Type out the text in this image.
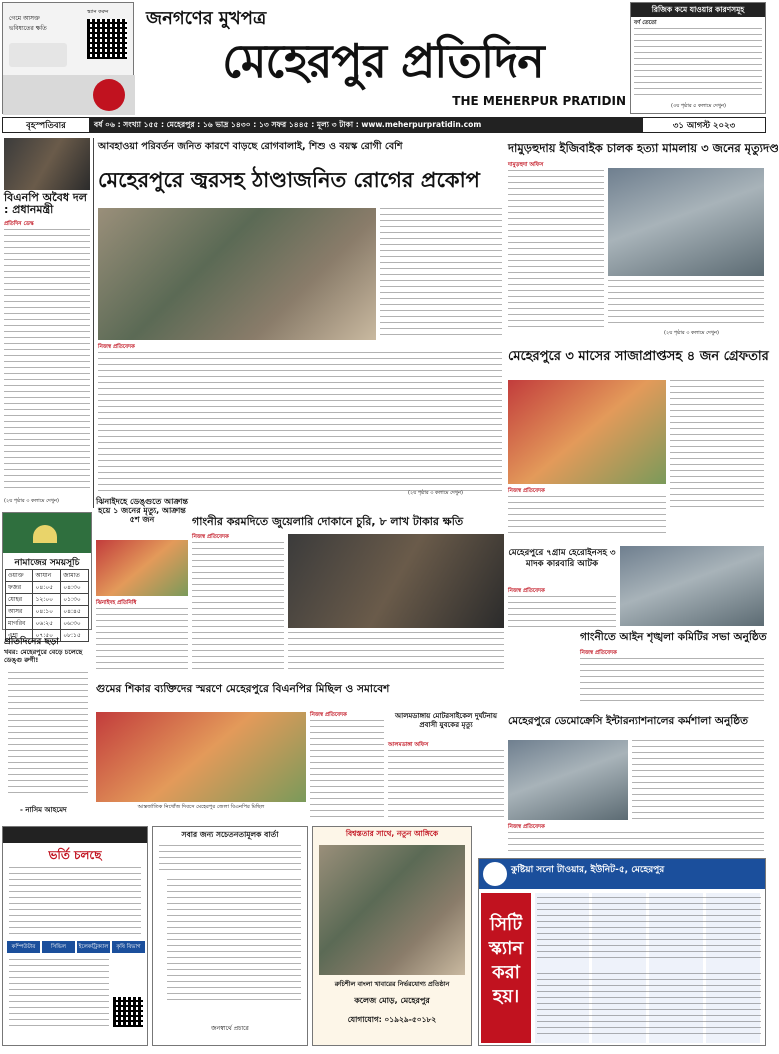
গেমে আসক্ত
ভবিষ্যতের ক্ষতি
স্ক্যান করুন	জনগণের মুখপত্র
মেহেরপুর প্রতিদিন
THE MEHERPUR PRATIDIN
রিজিক কমে যাওয়ার কারণসমূহ
বর্ণ তেতো
(৩য় পৃষ্ঠার ৫ কলামে দেখুন)
বৃহস্পতিবার	বর্ষ ০৬ : সংখ্যা ১৫৫ : মেহেরপুর : ১৬ ভাদ্র ১৪৩০ : ১৩ সফর ১৪৪৫ : মূল্য ৩ টাকা : www.meherpurpratidin.com	৩১ আগস্ট ২০২৩
বিএনপি অবৈধ দল : প্রধানমন্ত্রী
প্রতিদিন ডেস্ক
(২য় পৃষ্ঠার ৩ কলামে দেখুন)
আবহাওয়া পরিবর্তন জনিত কারণে বাড়ছে রোগবালাই, শিশু ও বয়স্ক রোগী বেশি
মেহেরপুরে জ্বরসহ ঠাণ্ডাজনিত রোগের প্রকোপ
নিজস্ব প্রতিবেদক
(২য় পৃষ্ঠার ৩ কলামে দেখুন)
দামুড়হুদায় ইজিবাইক চালক হত্যা মামলায় ৩ জনের মৃত্যুদণ্ড
দামুড়হুদা অফিস
(২য় পৃষ্ঠার ৩ কলামে দেখুন)
মেহেরপুরে ৩ মাসের সাজাপ্রাপ্তসহ ৪ জন গ্রেফতার
নিজস্ব প্রতিবেদক
নামাজের সময়সূচি
ওয়াক্ত	আযান	জামাত
ফজর	০৪:০৫	০৪:৩০
যোহর	১২:০০	০১:৩০
আসর	০৪:১০	০৪:৪৫
মাগরিব	০৬:২৫	০৬:৩০
এশা	০৭:৫০	০৮:১৫
প্রতিদিনের ছড়া
খবর: মেহেরপুরে বেড়ে চলেছে ডেঙ্গু রুগী!
- নাসিম আহমেদ
ঝিনাইদহে ডেঙ্গুতে আক্রান্ত হয়ে ১ জনের মৃত্যু, আক্রান্ত ৫শ জন
ঝিনাইদহ প্রতিনিধি
গাংনীর করমদিতে জুয়েলারি দোকানে চুরি, ৮ লাখ টাকার ক্ষতি
নিজস্ব প্রতিবেদক
মেহেরপুরে ৭গ্রাম হেরোইনসহ ৩ মাদক কারবারি আটক
নিজস্ব প্রতিবেদক
গাংনীতে আইন শৃঙ্খলা কমিটির সভা অনুষ্ঠিত
নিজস্ব প্রতিবেদক
গুমের শিকার ব্যক্তিদের স্মরণে মেহেরপুরে বিএনপির মিছিল ও সমাবেশ
আন্তর্জাতিক নিখোঁজ দিবসে মেহেরপুর জেলা বিএনপির মিছিল
নিজস্ব প্রতিবেদক	আলমডাঙ্গায় মোটরসাইকেল দুর্ঘটনায় প্রবাসী যুবকের মৃত্যু
আলমডাঙ্গা অফিস
মেহেরপুরে ডেমোক্রেসি ইন্টারন্যাশনালের কর্মশালা অনুষ্ঠিত
নিজস্ব প্রতিবেদক
ভর্তি চলছে
কম্পিউটার	সিভিল	ইলেকট্রিক্যাল	কৃষি বিভাগ
সবার জন্য সচেতনতামূলক বার্তা
জনস্বার্থে প্রচারে
বিশ্বস্ততার সাথে, নতুন আঙ্গিকে
রুচিশীল বাংলা খাবারের নির্ভরযোগ্য প্রতিষ্ঠান
কলেজ মোড়, মেহেরপুর
যোগাযোগ: ০১৯২৯-৫০১৮২
কুষ্টিয়া সনো টাওয়ার, ইউনিট-৫, মেহেরপুর
সিটি স্ক্যান করা হয়।
